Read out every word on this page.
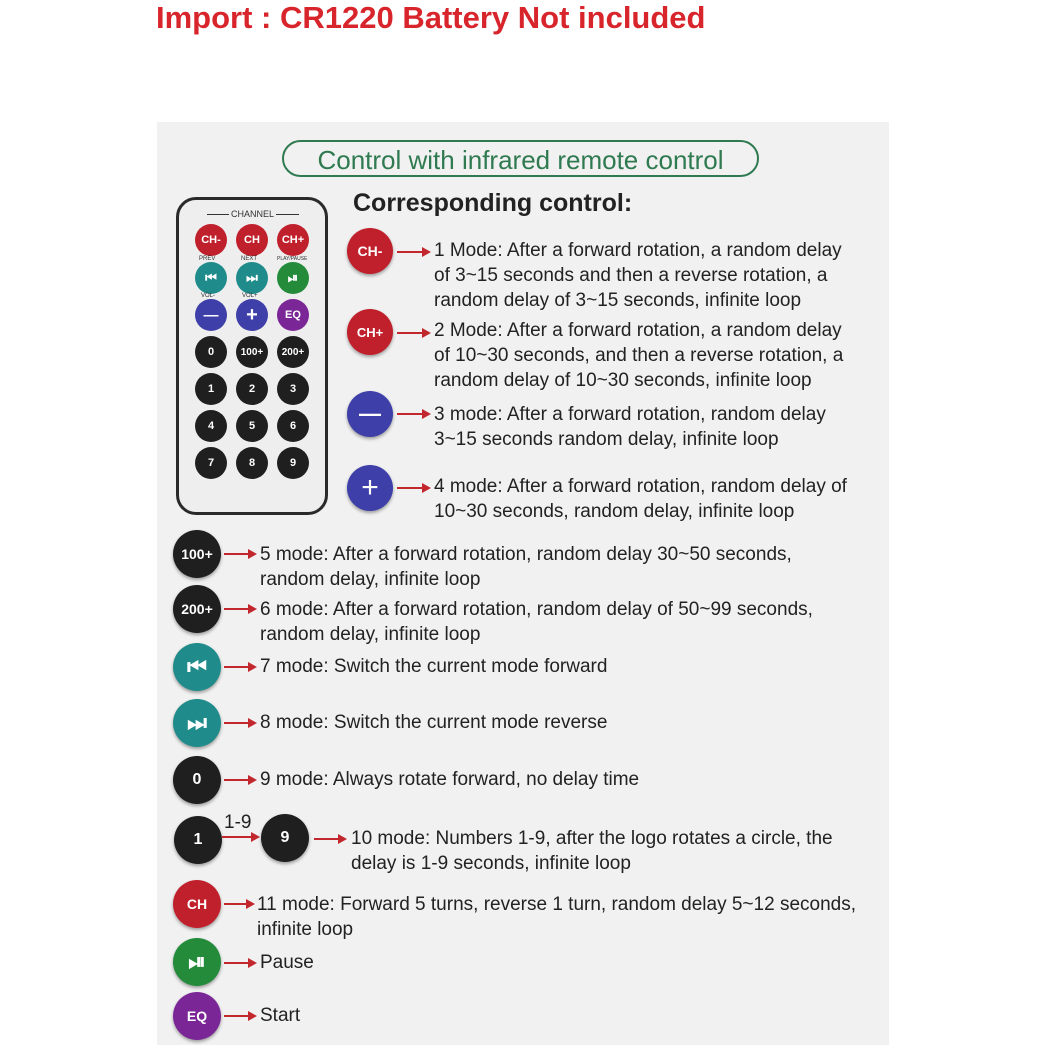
Import : CR1220 Battery Not included
Control with infrared remote control
Corresponding control:
CHANNEL
CH-	CH	CH+
PREV	NEXT	PLAY/PAUSE
⏮	⏭	⏯
VOL-	VOL+
—	+	EQ
0	100+	200+
1	2	3
4	5	6
7	8	9
CH-	1 Mode: After a forward rotation, a random delay
of 3~15 seconds and then a reverse rotation, a
random delay of 3~15 seconds, infinite loop
CH+	2 Mode: After a forward rotation, a random delay
of 10~30 seconds, and then a reverse rotation, a
random delay of 10~30 seconds, infinite loop
—	3 mode: After a forward rotation, random delay
3~15 seconds random delay, infinite loop
+	4 mode: After a forward rotation, random delay of
10~30 seconds, random delay, infinite loop
100+	5 mode: After a forward rotation, random delay 30~50 seconds,
random delay, infinite loop
200+	6 mode: After a forward rotation, random delay of 50~99 seconds,
random delay, infinite loop
⏮	7 mode: Switch the current mode forward
⏭	8 mode: Switch the current mode reverse
0	9 mode: Always rotate forward, no delay time
1
1-9
9	10 mode: Numbers 1-9, after the logo rotates a circle, the
delay is 1-9 seconds, infinite loop
CH	11 mode: Forward 5 turns, reverse 1 turn, random delay 5~12 seconds,
infinite loop
⏯	Pause
EQ	Start
